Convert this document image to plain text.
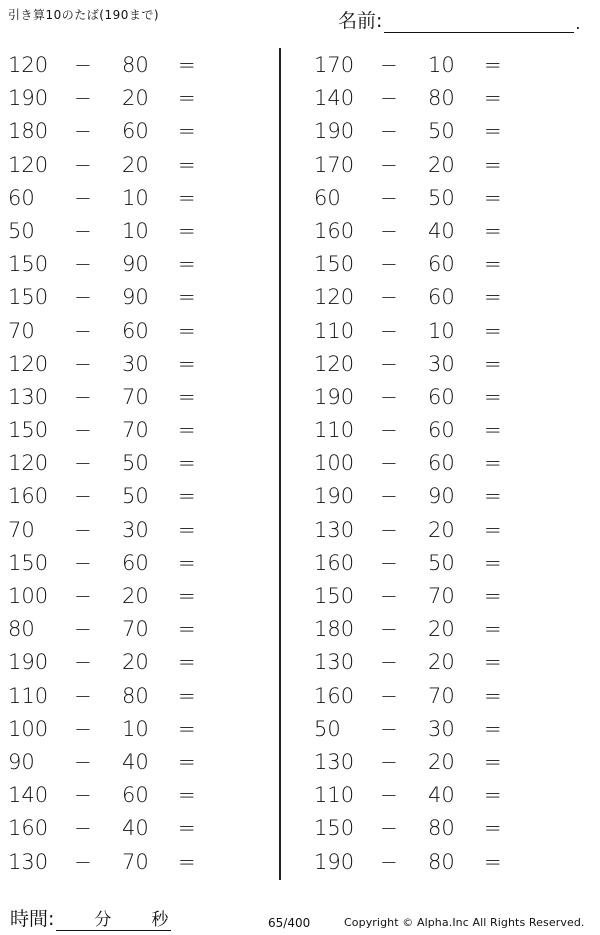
引き算10のたば(190まで)	名前:	.
120	− 80	=
190	− 20	=
180	− 60	=
120	− 20	=
60	− 10	=
50	− 10	=
150	− 90	=
150	− 90	=
70	− 60	=
120	− 30	=
130	− 70	=
150	− 70	=
120	− 50	=
160	− 50	=
70	− 30	=
150	− 60	=
100	− 20	=
80	− 70	=
190	− 20	=
110	− 80	=
100	− 10	=
90	− 40	=
140	− 60	=
160	− 40	=
130	− 70	=
170	− 10	=
140	− 80	=
190	− 50	=
170	− 20	=
60	− 50	=
160	− 40	=
150	− 60	=
120	− 60	=
110	− 10	=
120	− 30	=
190	− 60	=
110	− 60	=
100	− 60	=
190	− 90	=
130	− 20	=
160	− 50	=
150	− 70	=
180	− 20	=
130	− 20	=
160	− 70	=
50	− 30	=
130	− 20	=
110	− 40	=
150	− 80	=
190	− 80	=
時間: 分 秒	65/400	Copyright © Alpha.Inc All Rights Reserved.
